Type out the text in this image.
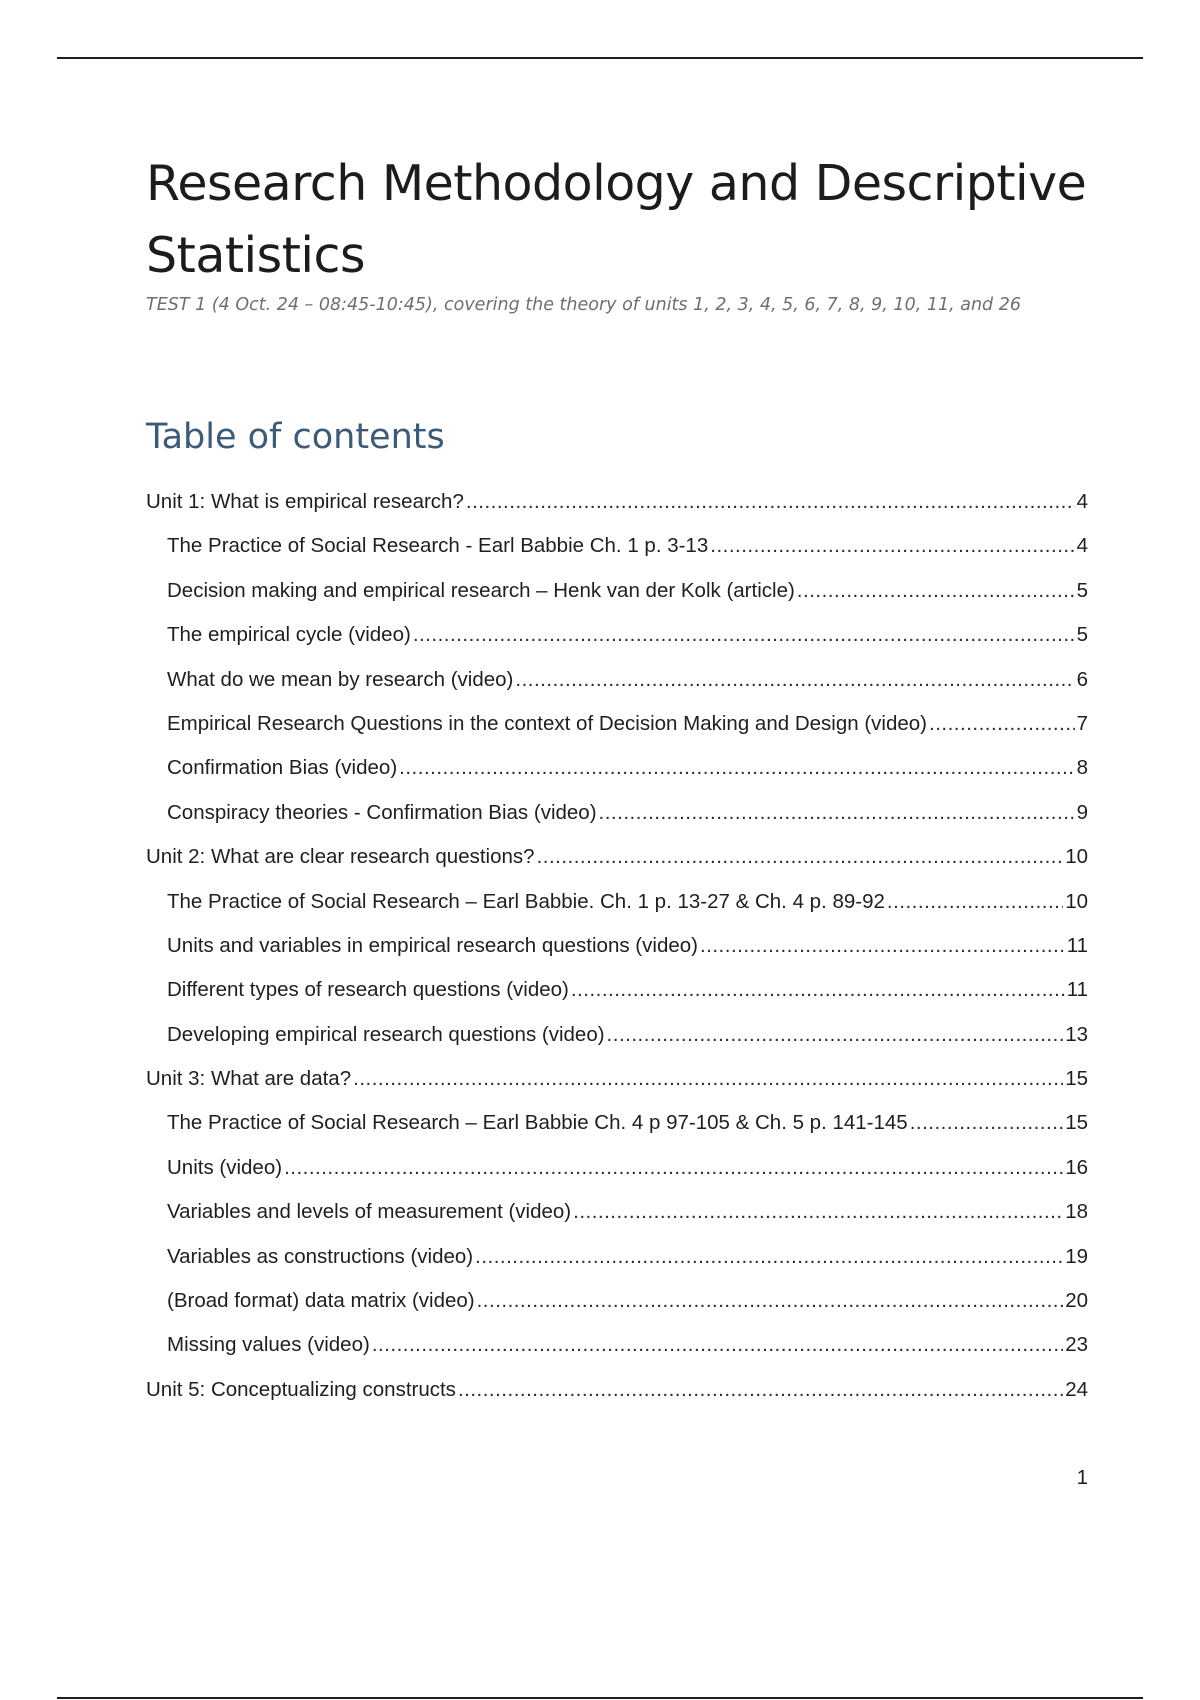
Research Methodology and Descriptive Statistics

TEST 1 (4 Oct. 24 – 08:45-10:45), covering the theory of units 1, 2, 3, 4, 5, 6, 7, 8, 9, 10, 11, and 26

Table of contents
Unit 1: What is empirical research? .....	4
The Practice of Social Research - Earl Babbie Ch. 1 p. 3-13 .....	4
Decision making and empirical research – Henk van der Kolk (article) .....	5
The empirical cycle (video) .....	5
What do we mean by research (video) .....	6
Empirical Research Questions in the context of Decision Making and Design (video) .....	7
Confirmation Bias (video) .....	8
Conspiracy theories - Confirmation Bias (video) .....	9
Unit 2: What are clear research questions? .....	10
The Practice of Social Research – Earl Babbie. Ch. 1 p. 13-27 & Ch. 4 p. 89-92 .....	10
Units and variables in empirical research questions (video) .....	11
Different types of research questions (video) .....	11
Developing empirical research questions (video) .....	13
Unit 3: What are data? .....	15
The Practice of Social Research – Earl Babbie Ch. 4 p 97-105 & Ch. 5 p. 141-145 .....	15
Units (video) .....	16
Variables and levels of measurement (video) .....	18
Variables as constructions (video) .....	19
(Broad format) data matrix (video) .....	20
Missing values (video) .....	23
Unit 5: Conceptualizing constructs .....	24

1
